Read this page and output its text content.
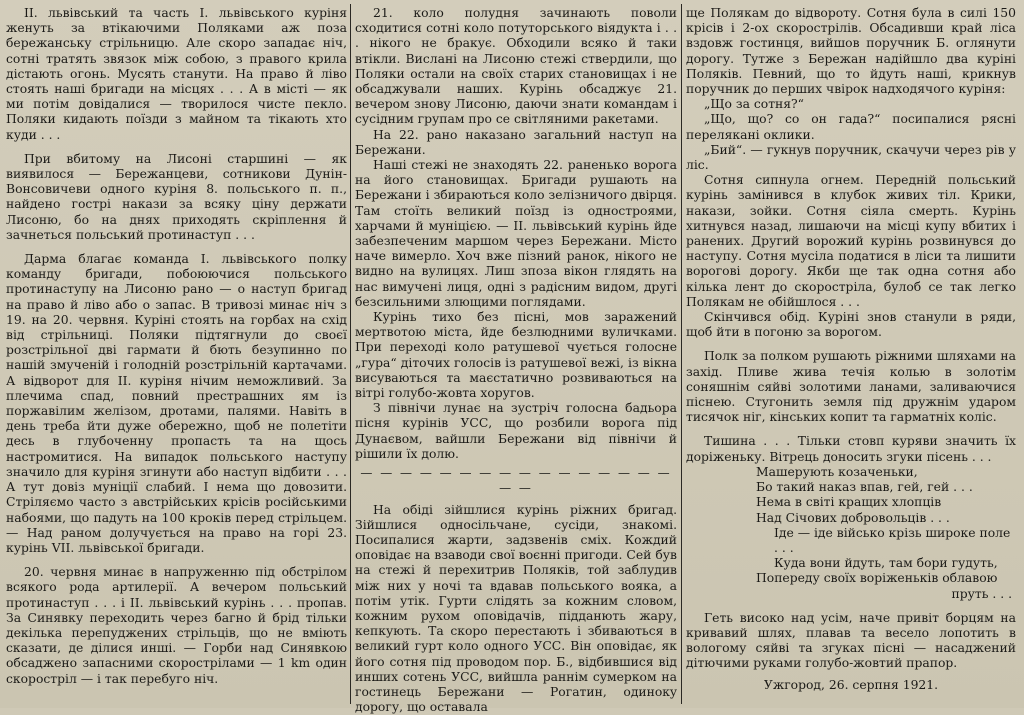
II. львівський та часть І. львівського куріня женуть за втікаючими Поляками аж поза бережанську стрільницю. Але скоро западає ніч, сотні тратять звязок між собою, з правого крила дістають огонь. Мусять станути. На право й ліво стоять наші бригади на місцях . . . А в місті — як ми потім довідалися — творилося чисте пекло. Поляки кидають поїзди з майном та тікають хто куди . . .

При вбитому на Лисоні старшині — як виявилося — Бережанцеви, сотникови Дунін-Вонсовичеви одного куріня 8. польського п. п., найдено гострі накази за всяку ціну держати Лисоню, бо на днях приходять скріплення й зачнеться польський протинаступ . . .

Дарма благає команда І. львівського полку команду бригади, побоюючися польського протинаступу на Лисоню рано — о наступ бригад на право й ліво або о запас. В тривозі минає ніч з 19. на 20. червня. Куріні стоять на горбах на схід від стрільниці. Поляки підтягнули до своєї розстрільної дві гармати й бють безупинно по нашій змученій і голодній розстрільній картачами. А відворот для II. куріня нічим неможливий. За плечима спад, повний престрашних ям із поржавілим желізом, дротами, палями. Навіть в день треба йти дуже обережно, щоб не полетіти десь в глубоченну пропасть та на щось настромитися. На випадок польського наступу значило для куріня згинути або наступ відбити . . . А тут довіз муніції слабий. І нема що довозити. Стріляємо часто з австрійських крісів російськими набоями, що падуть на 100 кроків перед стрільцем. — Над раном долучується на право на горі 23. курінь VII. львівської бригади.

20. червня минає в напруженню під обстрілом всякого рода артилерії. А вечером польський протинаступ . . . і II. львівський курінь . . . пропав. За Синявку переходить через багно й брід тільки декілька перепуджених стрільців, що не вміють сказати, де ділися инші. — Горби над Синявкою обсаджено запасними скорострілами — 1 km один скоростріл — і так перебуго ніч.

21. коло полудня зачинають поволи сходитися сотні коло потуторського віядукта і . . . нікого не бракує. Обходили всяко й таки втікли. Вислані на Лисоню стежі ствердили, що Поляки остали на своїх старих становищах і не обсаджували наших. Курінь обсаджує 21. вечером знову Лисоню, даючи знати командам і сусідним групам про се світляними ракетами.

На 22. рано наказано загальний наступ на Бережани.

Наші стежі не знаходять 22. раненько ворога на його становищах. Бригади рушають на Бережани і збираються коло зелізничого двірця. Там стоїть великий поїзд із одностроями, харчами й муніцією. — II. львівський курінь йде забезпеченим маршом через Бережани. Місто наче вимерло. Хоч вже пізний ранок, нікого не видно на вулицях. Лиш зпоза вікон глядять на нас вимучені лиця, одні з радісним видом, другі безсильними злющими поглядами.

Курінь тихо без пісні, мов заражений мертвотою міста, йде безлюдними вуличками. При переході коло ратушевої чується голосне „гура“ діточих голосів із ратушевої вежі, із вікна висуваються та маєстатично розвиваються на вітрі голубо-жовта хоругов.

З північи лунає на зустріч голосна бадьора пісня курінів УСС, що розбили ворога під Дунаєвом, вайшли Бережани від північи й рішили їх долю.

— — — — — — — — — — — — — — — — — —

На обіді зійшлися курінь ріжних бригад. Зійшлися односільчане, сусіди, знакомі. Посипалися жарти, задзвенів сміх. Кождий оповідає на взаводи свої воєнні пригоди. Сей був на стежі й перехитрив Поляків, той заблудив між них у ночі та вдавав польського вояка, а потім утік. Гурти слідять за кожним словом, кожним рухом оповідачів, підданють жару, кепкують. Та скоро перестають і збиваються в великий гурт коло одного УСС. Він оповідає, як його сотня під проводом пор. Б., відбившися від инших сотень УСС, вийшла раннім сумерком на гостинець Бережани — Рогатин, одинокy дорогу, що оставала

ще Полякам до відвороту. Сотня була в силі 150 крісів і 2-ох скорострілів. Обсадивши край ліса вздовж гостинця, вийшов поручник Б. оглянути дорогу. Тутже з Бережан надійшло два куріні Поляків. Певний, що то йдуть наші, крикнув поручник до перших чвірок надходячого куріня:

„Що за сотня?“

„Що, що? со он гада?“ посипалися рясні перелякані оклики.

„Бий“. — гукнув поручник, скачучи через рів у ліс.

Сотня сипнула огнем. Передній польський курінь замінився в клубок живих тіл. Крики, накази, зойки. Сотня сіяла смерть. Курінь хитнувся назад, лишаючи на місці купу вбитих і ранених. Другий ворожий курінь розвинувся до наступу. Сотня мусіла податися в ліси та лишити ворогові дорогу. Якби ще так одна сотня або кілька лент до скоростріла, булоб се так легко Полякам не обійшлося . . .

Скінчився обід. Куріні знов станули в ряди, щоб йти в погоню за ворогом.

Полк за полком рушають ріжними шляхами на захід. Пливе жива течія колью в золотім соняшнім сяйві золотими ланами, заливаючися піснею. Стугонить земля під дружнім ударом тисячок ніг, кінських копит та гарматніх коліс.

Тишина . . . Тільки стовп куряви значить їх доріженьку. Вітрець доносить згуки пісень . . .

Машерують козаченьки,
Бо такий наказ впав, гей, гей . . .
Нема в світі кращих хлопців
Над Січових добровольців . . .
Іде — іде військо крізь широке поле . . .
Куда вони йдуть, там бори гудуть,
Попереду своїх воріженьків облавою
пруть . . .

Геть високо над усім, наче привіт борцям на кривавий шлях, плавав та весело лопотить в вологому сяйві та згуках пісні — насаджений дітючими руками голубо-жовтий прапор.

Ужгород, 26. серпня 1921.
